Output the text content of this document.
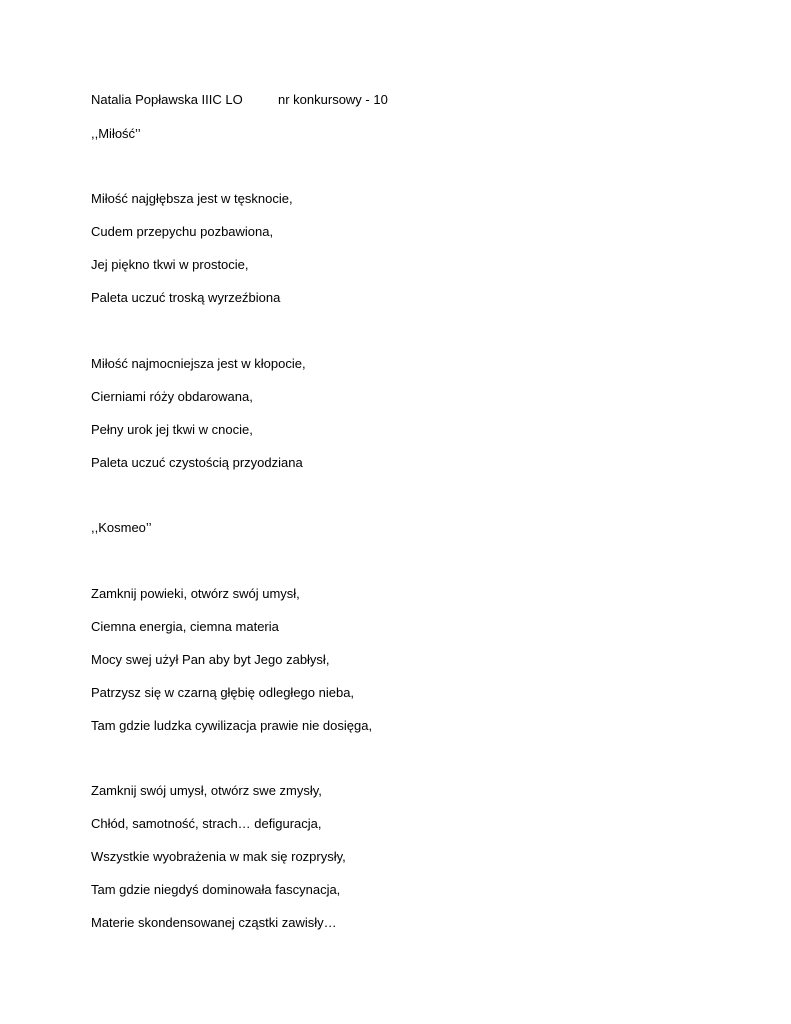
Natalia Popławska IIIC LO	nr konkursowy - 10
,,Miłość’’
Miłość najgłębsza jest w tęsknocie,
Cudem przepychu pozbawiona,
Jej piękno tkwi w prostocie,
Paleta uczuć troską wyrzeźbiona
Miłość najmocniejsza jest w kłopocie,
Cierniami róży obdarowana,
Pełny urok jej tkwi w cnocie,
Paleta uczuć czystością przyodziana
,,Kosmeo’’
Zamknij powieki, otwórz swój umysł,
Ciemna energia, ciemna materia
Mocy swej użył Pan aby byt Jego zabłysł,
Patrzysz się w czarną głębię odległego nieba,
Tam gdzie ludzka cywilizacja prawie nie dosięga,
Zamknij swój umysł, otwórz swe zmysły,
Chłód, samotność, strach… defiguracja,
Wszystkie wyobrażenia w mak się rozprysły,
Tam gdzie niegdyś dominowała fascynacja,
Materie skondensowanej cząstki zawisły…
